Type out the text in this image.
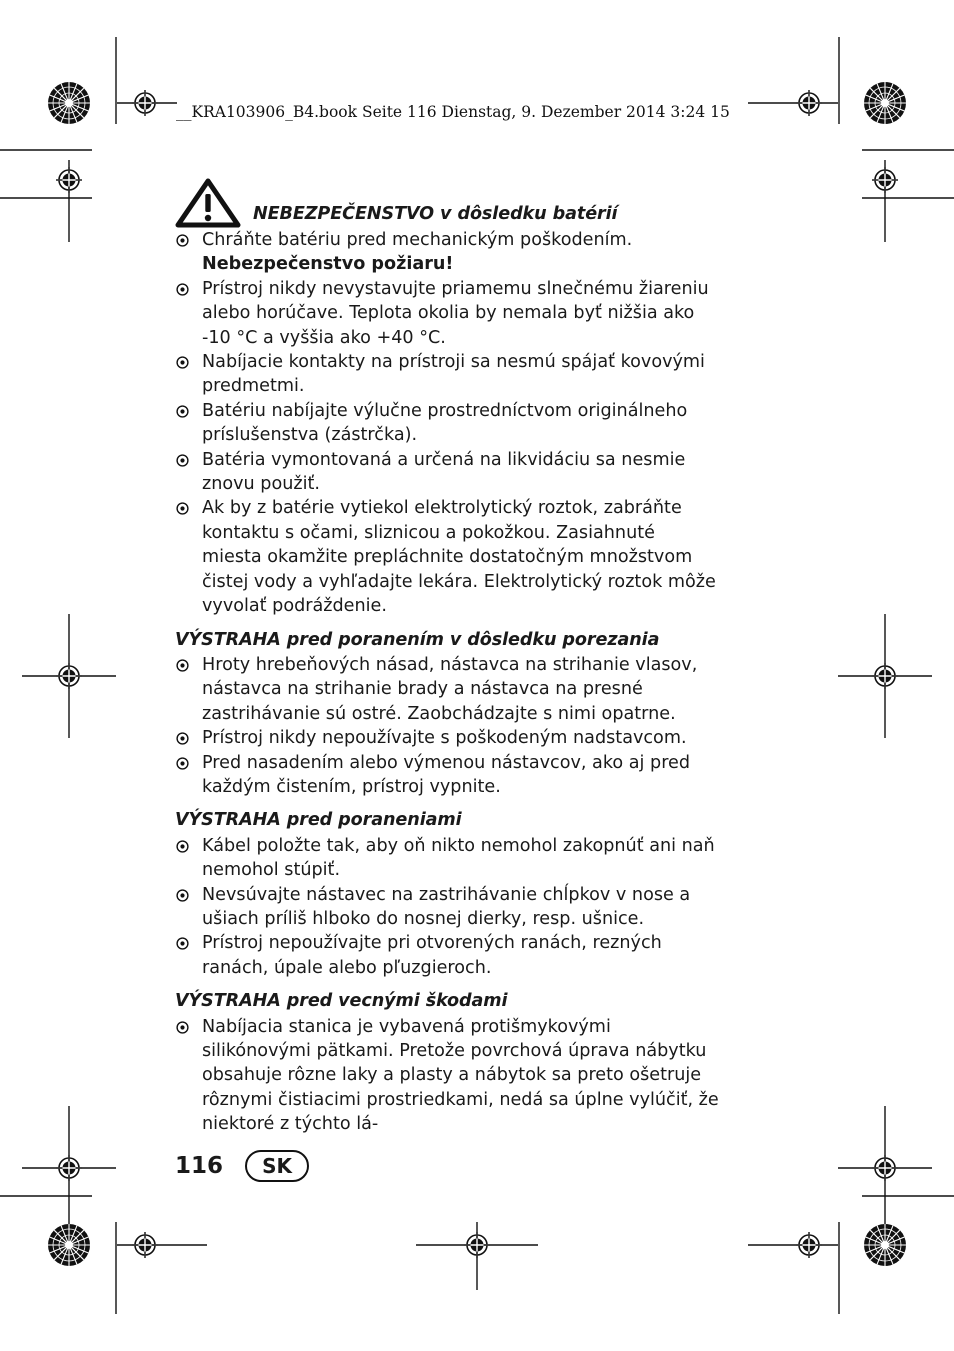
__KRA103906_B4.book Seite 116 Dienstag, 9. Dezember 2014 3:24 15
NEBEZPEČENSTVO v dôsledku batérií
Chráňte batériu pred mechanickým poškodením. Nebezpečenstvo požiaru!
Prístroj nikdy nevystavujte priamemu slnečnému žiareniu alebo horúčave. Teplota okolia by nemala byť nižšia ako -10 °C a vyššia ako +40 °C.
Nabíjacie kontakty na prístroji sa nesmú spájať kovovými predmetmi.
Batériu nabíjajte výlučne prostredníctvom originálneho príslušenstva (zástrčka).
Batéria vymontovaná a určená na likvidáciu sa nesmie znovu použiť.
Ak by z batérie vytiekol elektrolytický roztok, zabráňte kontaktu s očami, sliznicou a pokožkou. Zasiahnuté miesta okamžite prepláchnite dostatočným množstvom čistej vody a vyhľadajte lekára. Elektrolytický roztok môže vyvolať podráždenie.
VÝSTRAHA pred poranením v dôsledku porezania
Hroty hrebeňových násad, nástavca na strihanie vlasov, nástavca na strihanie brady a nástavca na presné zastrihávanie sú ostré. Zaobchádzajte s nimi opatrne.
Prístroj nikdy nepoužívajte s poškodeným nadstavcom.
Pred nasadením alebo výmenou nástavcov, ako aj pred každým čistením, prístroj vypnite.
VÝSTRAHA pred poraneniami
Kábel položte tak, aby oň nikto nemohol zakopnúť ani naň nemohol stúpiť.
Nevsúvajte nástavec na zastrihávanie chĺpkov v nose a ušiach príliš hlboko do nosnej dierky, resp. ušnice.
Prístroj nepoužívajte pri otvorených ranách, rezných ranách, úpale alebo pľuzgieroch.
VÝSTRAHA pred vecnými škodami
Nabíjacia stanica je vybavená protišmykovými silikónovými pätkami. Pretože povrchová úprava nábytku obsahuje rôzne laky a plasty a nábytok sa preto ošetruje rôznymi čistiacimi prostriedkami, nedá sa úplne vylúčiť, že niektoré z týchto lá-
116	SK
